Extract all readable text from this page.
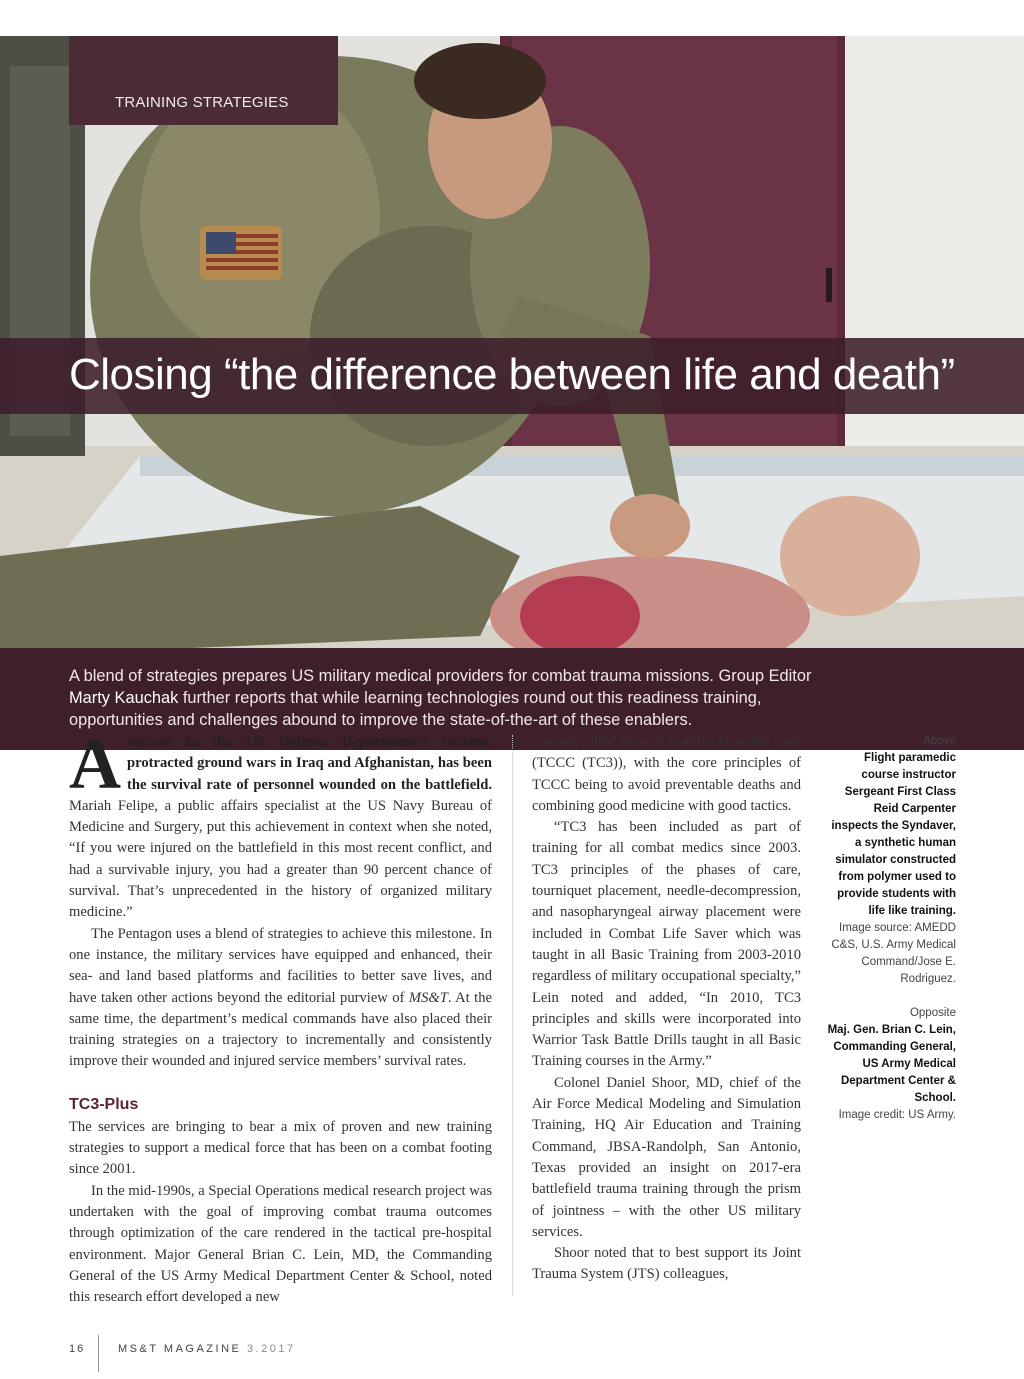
TRAINING STRATEGIES
Closing “the difference between life and death”

A blend of strategies prepares US military medical providers for combat trauma missions. Group Editor Marty Kauchak further reports that while learning technologies round out this readiness training, opportunities and challenges abound to improve the state-of-the-art of these enablers.

Asuccess in the US Defense Department’s current, protracted ground wars in Iraq and Afghanistan, has been the survival rate of personnel wounded on the battlefield. Mariah Felipe, a public affairs specialist at the US Navy Bureau of Medicine and Surgery, put this achievement in context when she noted, “If you were injured on the battlefield in this most recent conflict, and had a survivable injury, you had a greater than 90 percent chance of survival. That’s unprecedented in the history of organized military medicine.”

The Pentagon uses a blend of strategies to achieve this milestone. In one instance, the military services have equipped and enhanced, their sea- and land based platforms and facilities to better save lives, and have taken other actions beyond the editorial purview of MS&T. At the same time, the department’s medical commands have also placed their training strategies on a trajectory to incrementally and consistently improve their wounded and injured service members’ survival rates.

TC3-Plus

The services are bringing to bear a mix of proven and new training strategies to support a medical force that has been on a combat footing since 2001.

In the mid-1990s, a Special Operations medical research project was undertaken with the goal of improving combat trauma outcomes through optimization of the care rendered in the tactical pre-hospital environment. Major General Brian C. Lein, MD, the Commanding General of the US Army Medical Department Center & School, noted this research effort developed a new

concept called Tactical Combat Casualty Care (TCCC (TC3)), with the core principles of TCCC being to avoid preventable deaths and combining good medicine with good tactics.

“TC3 has been included as part of training for all combat medics since 2003. TC3 principles of the phases of care, tourniquet placement, needle-decompression, and nasopharyngeal airway placement were included in Combat Life Saver which was taught in all Basic Training from 2003-2010 regardless of military occupational specialty,” Lein noted and added, “In 2010, TC3 principles and skills were incorporated into Warrior Task Battle Drills taught in all Basic Training courses in the Army.”

Colonel Daniel Shoor, MD, chief of the Air Force Medical Modeling and Simulation Training, HQ Air Education and Training Command, JBSA-Randolph, San Antonio, Texas provided an insight on 2017-era battlefield trauma training through the prism of jointness – with the other US military services.

Shoor noted that to best support its Joint Trauma System (JTS) colleagues,

Above
Flight paramedic course instructor Sergeant First Class Reid Carpenter inspects the Syndaver, a synthetic human simulator constructed from polymer used to provide students with life like training.
Image source: AMEDD C&S, U.S. Army Medical Command/Jose E. Rodriguez.
Opposite
Maj. Gen. Brian C. Lein, Commanding General, US Army Medical Department Center & School.
Image credit: US Army.
16	MS&T MAGAZINE 3.2017
